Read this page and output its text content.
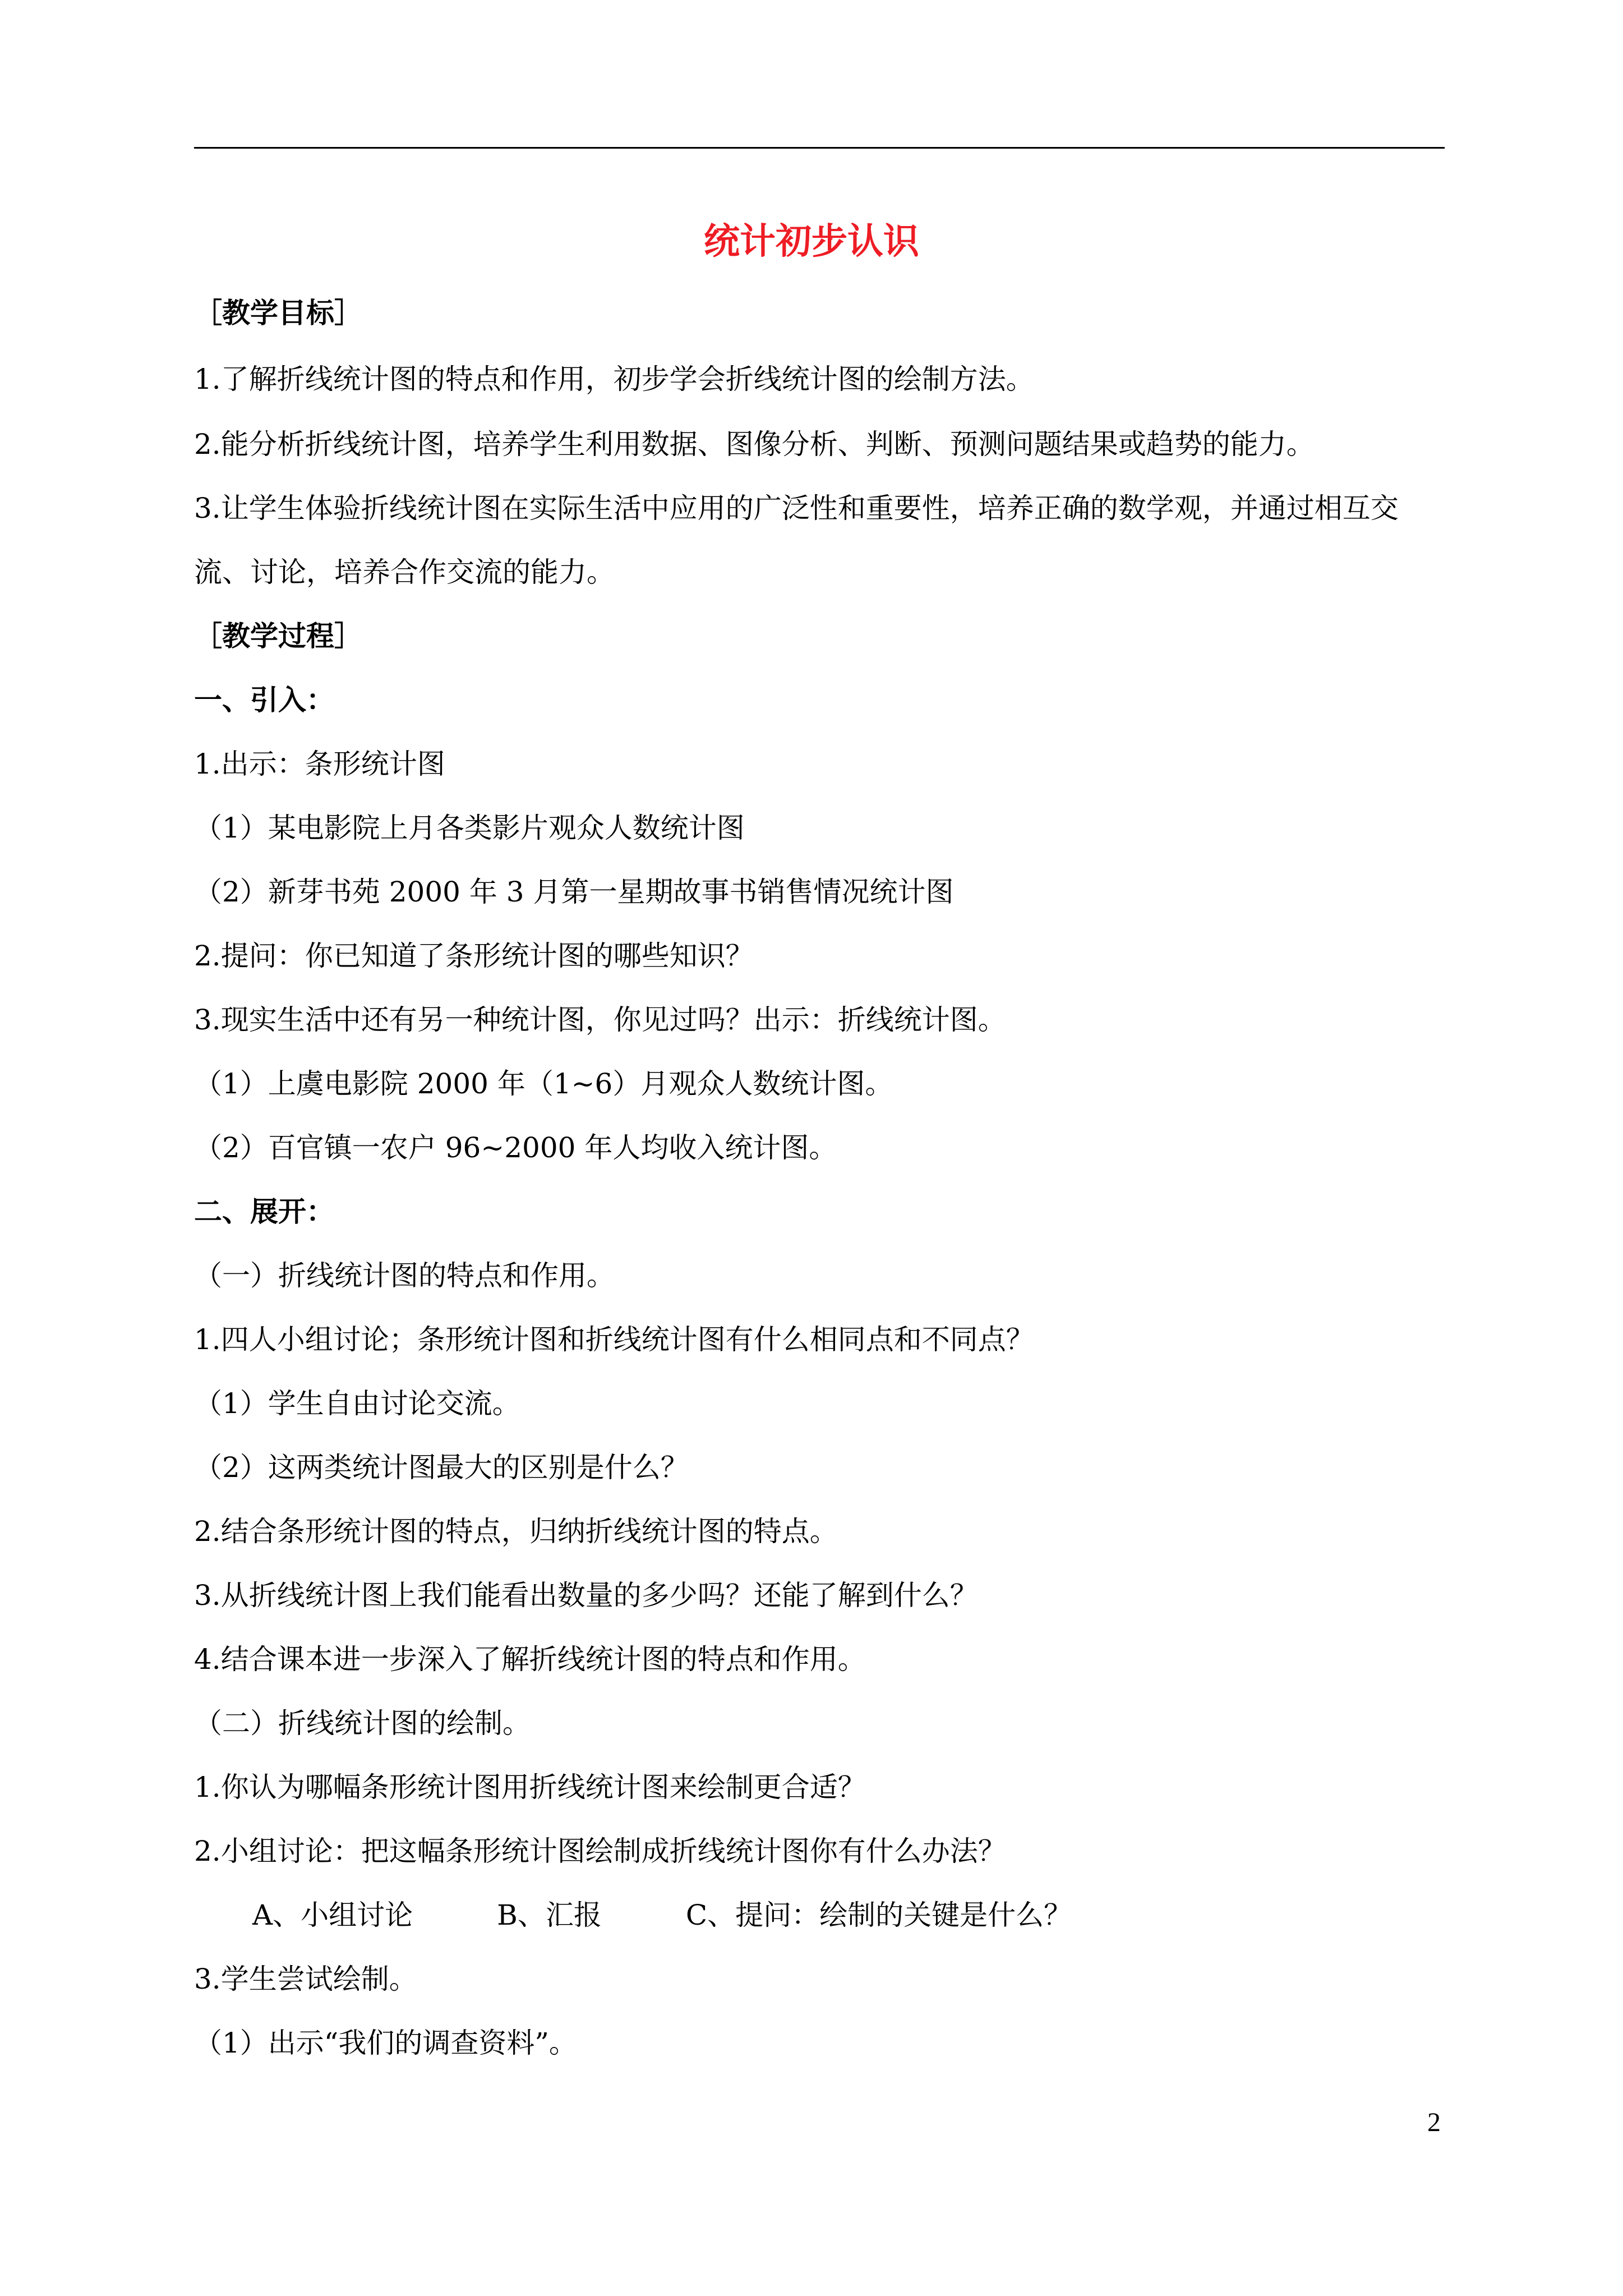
统计初步认识

［教学目标］

1.了解折线统计图的特点和作用，初步学会折线统计图的绘制方法。

2.能分析折线统计图，培养学生利用数据、图像分析、判断、预测问题结果或趋势的能力。

3.让学生体验折线统计图在实际生活中应用的广泛性和重要性，培养正确的数学观，并通过相互交

流、讨论，培养合作交流的能力。

［教学过程］

一、引入：

1.出示：条形统计图

（1）某电影院上月各类影片观众人数统计图

（2）新芽书苑 2000 年 3 月第一星期故事书销售情况统计图

2.提问：你已知道了条形统计图的哪些知识？

3.现实生活中还有另一种统计图，你见过吗？出示：折线统计图。

（1）上虞电影院 2000 年（1~6）月观众人数统计图。

（2）百官镇一农户 96~2000 年人均收入统计图。

二、展开：

（一）折线统计图的特点和作用。

1.四人小组讨论；条形统计图和折线统计图有什么相同点和不同点？

（1）学生自由讨论交流。

（2）这两类统计图最大的区别是什么？

2.结合条形统计图的特点，归纳折线统计图的特点。

3.从折线统计图上我们能看出数量的多少吗？还能了解到什么？

4.结合课本进一步深入了解折线统计图的特点和作用。

（二）折线统计图的绘制。

1.你认为哪幅条形统计图用折线统计图来绘制更合适？

2.小组讨论：把这幅条形统计图绘制成折线统计图你有什么办法？

A、小组讨论　　　B、汇报　　　C、提问：绘制的关键是什么？

3.学生尝试绘制。

（1）出示“我们的调查资料”。

2
